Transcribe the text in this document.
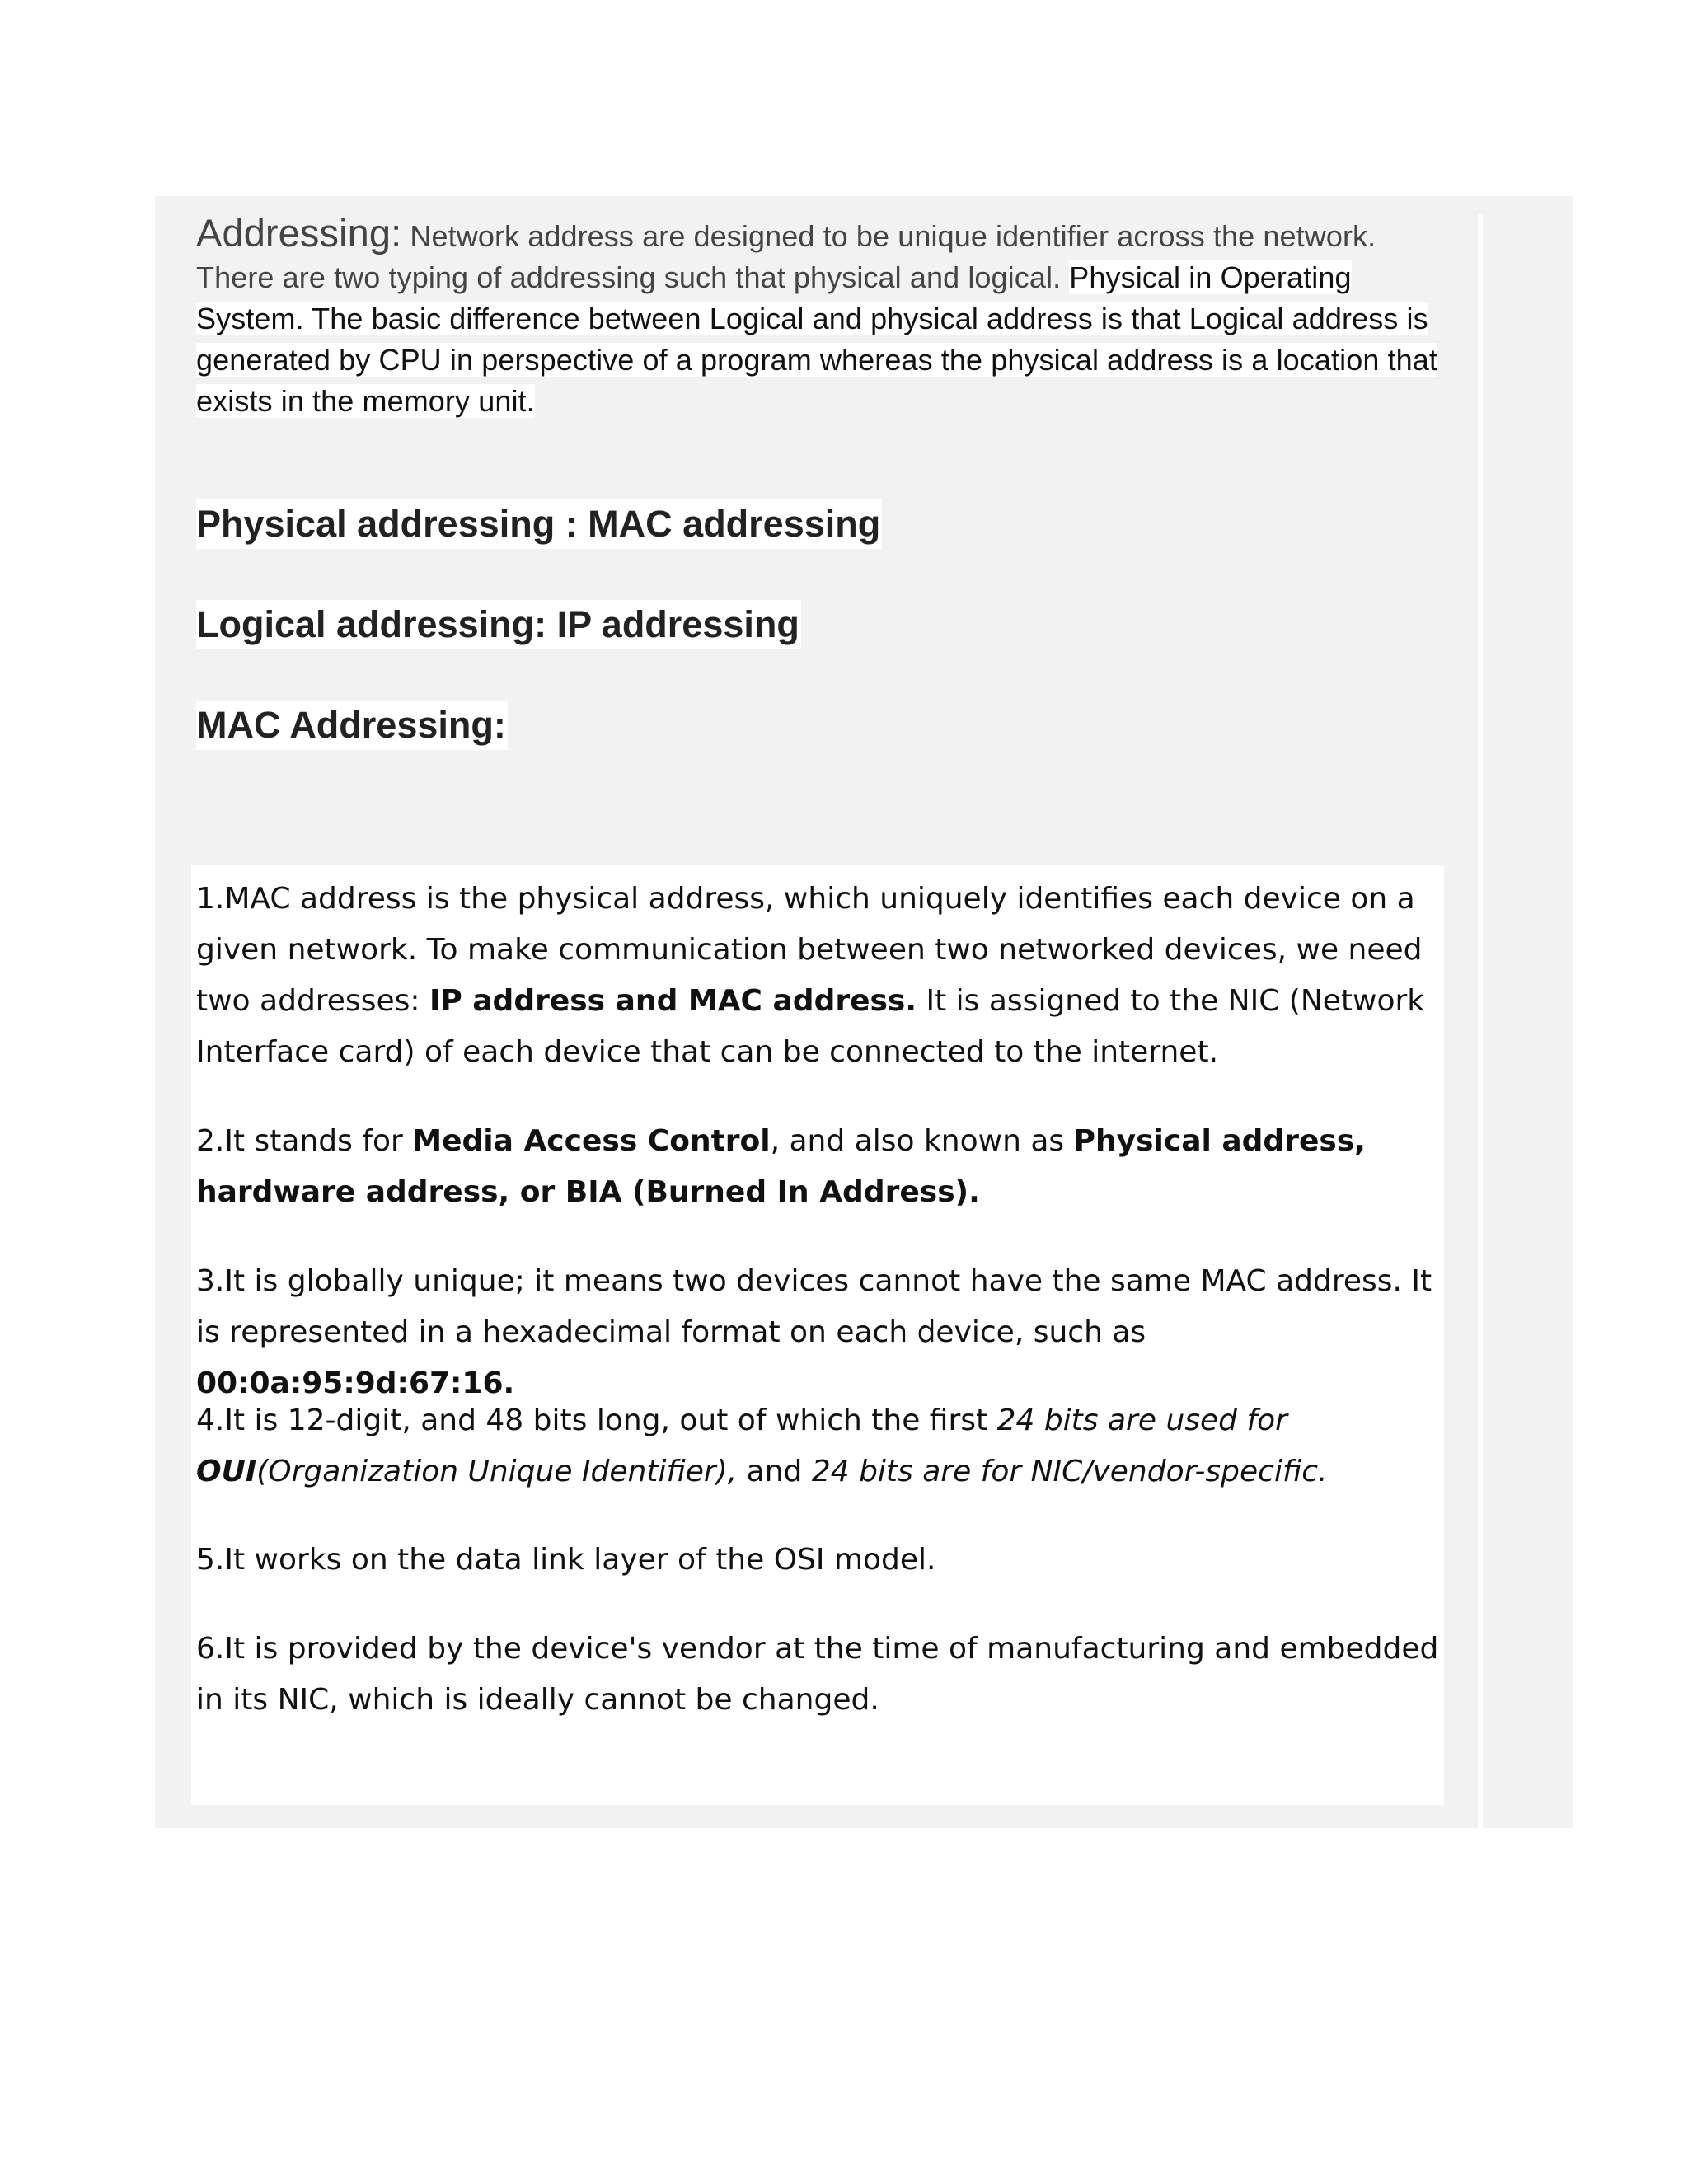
Addressing: Network address are designed to be unique identifier across the network. There are two typing of addressing such that physical and logical. Physical in Operating System. The basic difference between Logical and physical address is that Logical address is generated by CPU in perspective of a program whereas the physical address is a location that exists in the memory unit.

Physical addressing : MAC addressing
Logical addressing: IP addressing
MAC Addressing:

1.MAC address is the physical address, which uniquely identifies each device on a given network. To make communication between two networked devices, we need two addresses: IP address and MAC address. It is assigned to the NIC (Network Interface card) of each device that can be connected to the internet.

2.It stands for Media Access Control, and also known as Physical address, hardware address, or BIA (Burned In Address).

3.It is globally unique; it means two devices cannot have the same MAC address. It is represented in a hexadecimal format on each device, such as 00:0a:95:9d:67:16.

4.It is 12-digit, and 48 bits long, out of which the first 24 bits are used for OUI(Organization Unique Identifier), and 24 bits are for NIC/vendor-specific.

5.It works on the data link layer of the OSI model.

6.It is provided by the device's vendor at the time of manufacturing and embedded in its NIC, which is ideally cannot be changed.
